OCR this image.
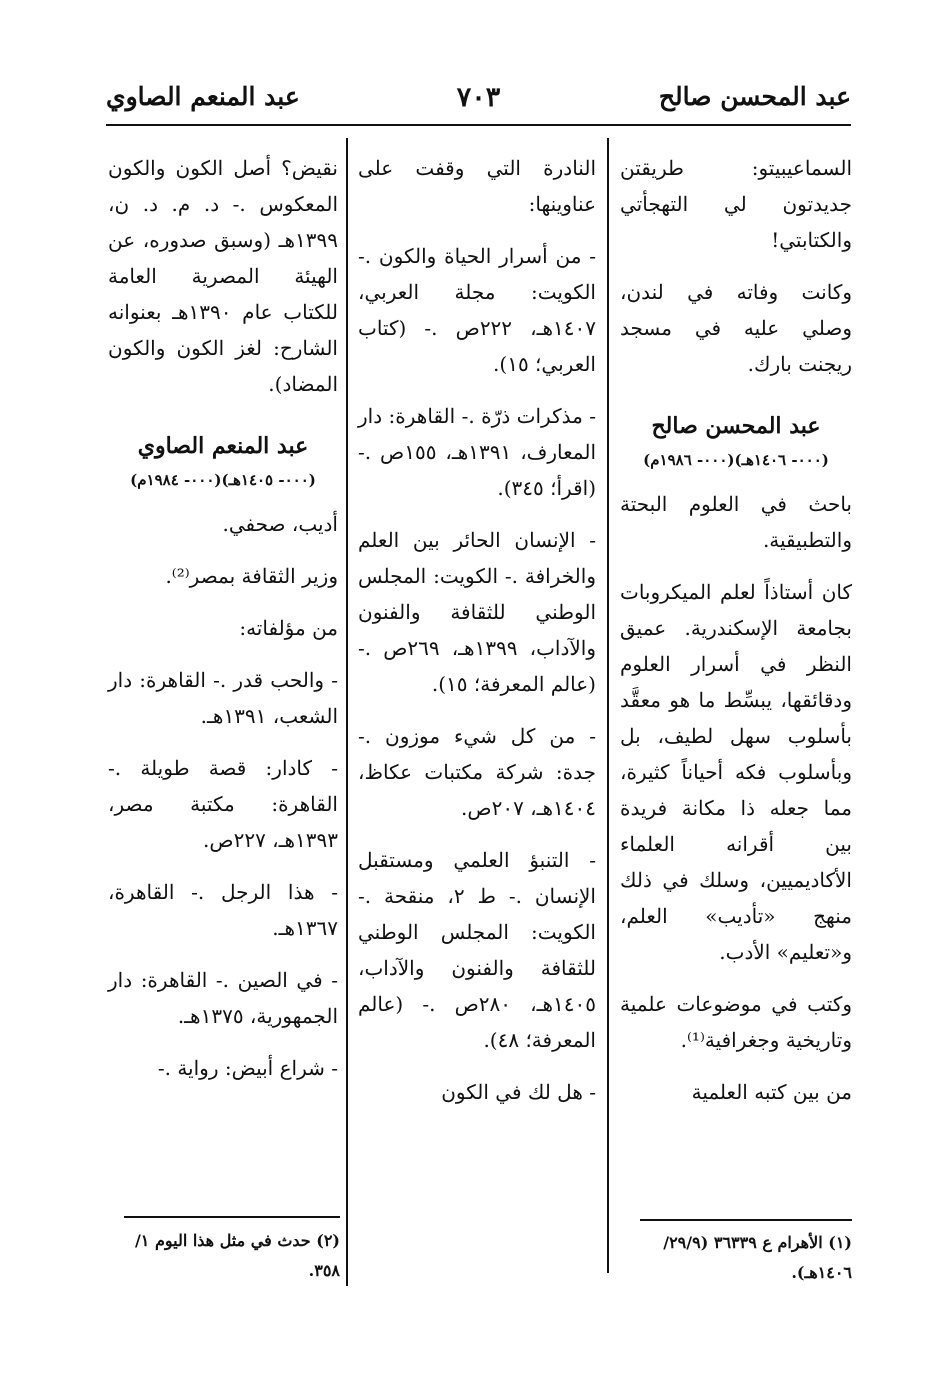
عبد المحسن صالح
٧٠٣
عبد المنعم الصاوي

السماعيبيتو: طريقتن جديدتون لي التهجأتي والكتابتي!

وكانت وفاته في لندن، وصلي عليه في مسجد ريجنت بارك.

عبد المحسن صالح

(٠٠٠- ١٤٠٦هـ)(٠٠٠- ١٩٨٦م)

باحث في العلوم البحتة والتطبيقية.

كان أستاذاً لعلم الميكروبات بجامعة الإسكندرية. عميق النظر في أسرار العلوم ودقائقها، يبسِّط ما هو معقَّد بأسلوب سهل لطيف، بل وبأسلوب فكه أحياناً كثيرة، مما جعله ذا مكانة فريدة بين أقرانه العلماء الأكاديميين، وسلك في ذلك منهج «تأديب» العلم، و«تعليم» الأدب.

وكتب في موضوعات علمية وتاريخية وجغرافية⁽¹⁾.

من بين كتبه العلمية

النادرة التي وقفت على عناوينها:

- من أسرار الحياة والكون .- الكويت: مجلة العربي، ١٤٠٧هـ، ٢٢٢ص .- (كتاب العربي؛ ١٥).

- مذكرات ذرّة .- القاهرة: دار المعارف، ١٣٩١هـ، ١٥٥ص .- (اقرأ؛ ٣٤٥).

- الإنسان الحائر بين العلم والخرافة .- الكويت: المجلس الوطني للثقافة والفنون والآداب، ١٣٩٩هـ، ٢٦٩ص .- (عالم المعرفة؛ ١٥).

- من كل شيء موزون .- جدة: شركة مكتبات عكاظ، ١٤٠٤هـ، ٢٠٧ص.

- التنبؤ العلمي ومستقبل الإنسان .- ط ٢، منقحة .- الكويت: المجلس الوطني للثقافة والفنون والآداب، ١٤٠٥هـ، ٢٨٠ص .- (عالم المعرفة؛ ٤٨).

- هل لك في الكون

نقيض؟ أصل الكون والكون المعكوس .- د. م. د. ن، ١٣٩٩هـ (وسبق صدوره، عن الهيئة المصرية العامة للكتاب عام ١٣٩٠هـ بعنوانه الشارح: لغز الكون والكون المضاد).

عبد المنعم الصاوي

(٠٠٠- ١٤٠٥هـ)(٠٠٠- ١٩٨٤م)

أديب، صحفي.

وزير الثقافة بمصر⁽²⁾.

من مؤلفاته:

- والحب قدر .- القاهرة: دار الشعب، ١٣٩١هـ.

- كادار: قصة طويلة .- القاهرة: مكتبة مصر، ١٣٩٣هـ، ٢٢٧ص.

- هذا الرجل .- القاهرة، ١٣٦٧هـ.

- في الصين .- القاهرة: دار الجمهورية، ١٣٧٥هـ.

- شراع أبيض: رواية .-

(١) الأهرام ع ٣٦٣٣٩ (٢٩/٩/ ١٤٠٦هـ).
(٢) حدث في مثل هذا اليوم ١/ ٣٥٨.
